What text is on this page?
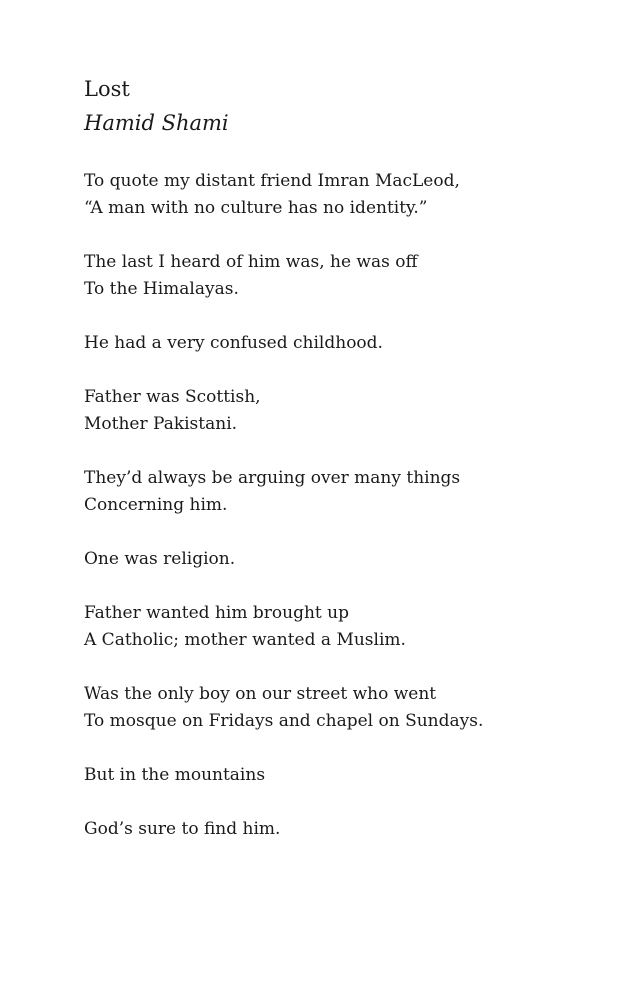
Lost
Hamid Shami
To quote my distant friend Imran MacLeod,
“A man with no culture has no identity.”
The last I heard of him was, he was off
To the Himalayas.
He had a very confused childhood.
Father was Scottish,
Mother Pakistani.
They’d always be arguing over many things
Concerning him.
One was religion.
Father wanted him brought up
A Catholic; mother wanted a Muslim.
Was the only boy on our street who went
To mosque on Fridays and chapel on Sundays.
But in the mountains
God’s sure to find him.
